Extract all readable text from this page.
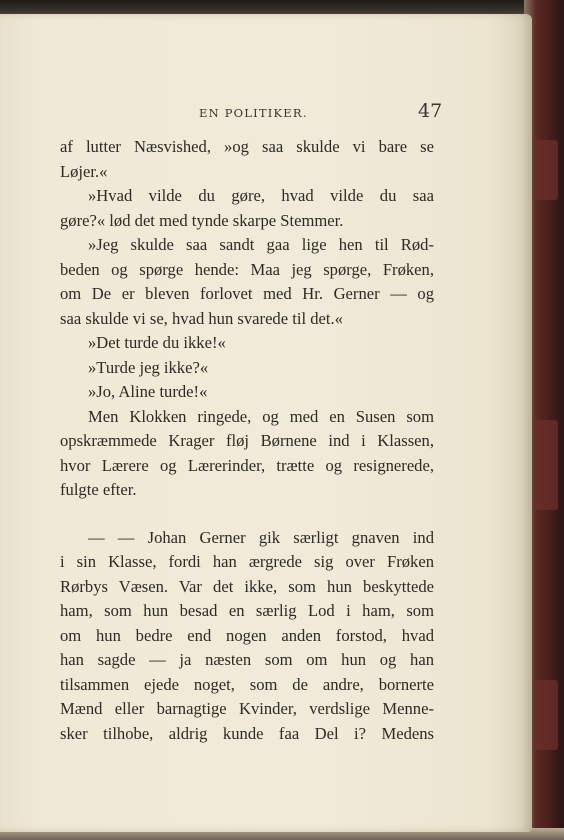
EN POLITIKER.	47
af lutter Næsvished, »og saa skulde vi bare se
Løjer.«
»Hvad vilde du gøre, hvad vilde du saa
gøre?« lød det med tynde skarpe Stemmer.
»Jeg skulde saa sandt gaa lige hen til Rød-
beden og spørge hende: Maa jeg spørge, Frøken,
om De er bleven forlovet med Hr. Gerner — og
saa skulde vi se, hvad hun svarede til det.«
»Det turde du ikke!«
»Turde jeg ikke?«
»Jo, Aline turde!«
Men Klokken ringede, og med en Susen som
opskræmmede Krager fløj Børnene ind i Klassen,
hvor Lærere og Lærerinder, trætte og resignerede,
fulgte efter.
— — Johan Gerner gik særligt gnaven ind
i sin Klasse, fordi han ærgrede sig over Frøken
Rørbys Væsen. Var det ikke, som hun beskyttede
ham, som hun besad en særlig Lod i ham, som
om hun bedre end nogen anden forstod, hvad
han sagde — ja næsten som om hun og han
tilsammen ejede noget, som de andre, bornerte
Mænd eller barnagtige Kvinder, verdslige Menne-
sker tilhobe, aldrig kunde faa Del i? Medens
